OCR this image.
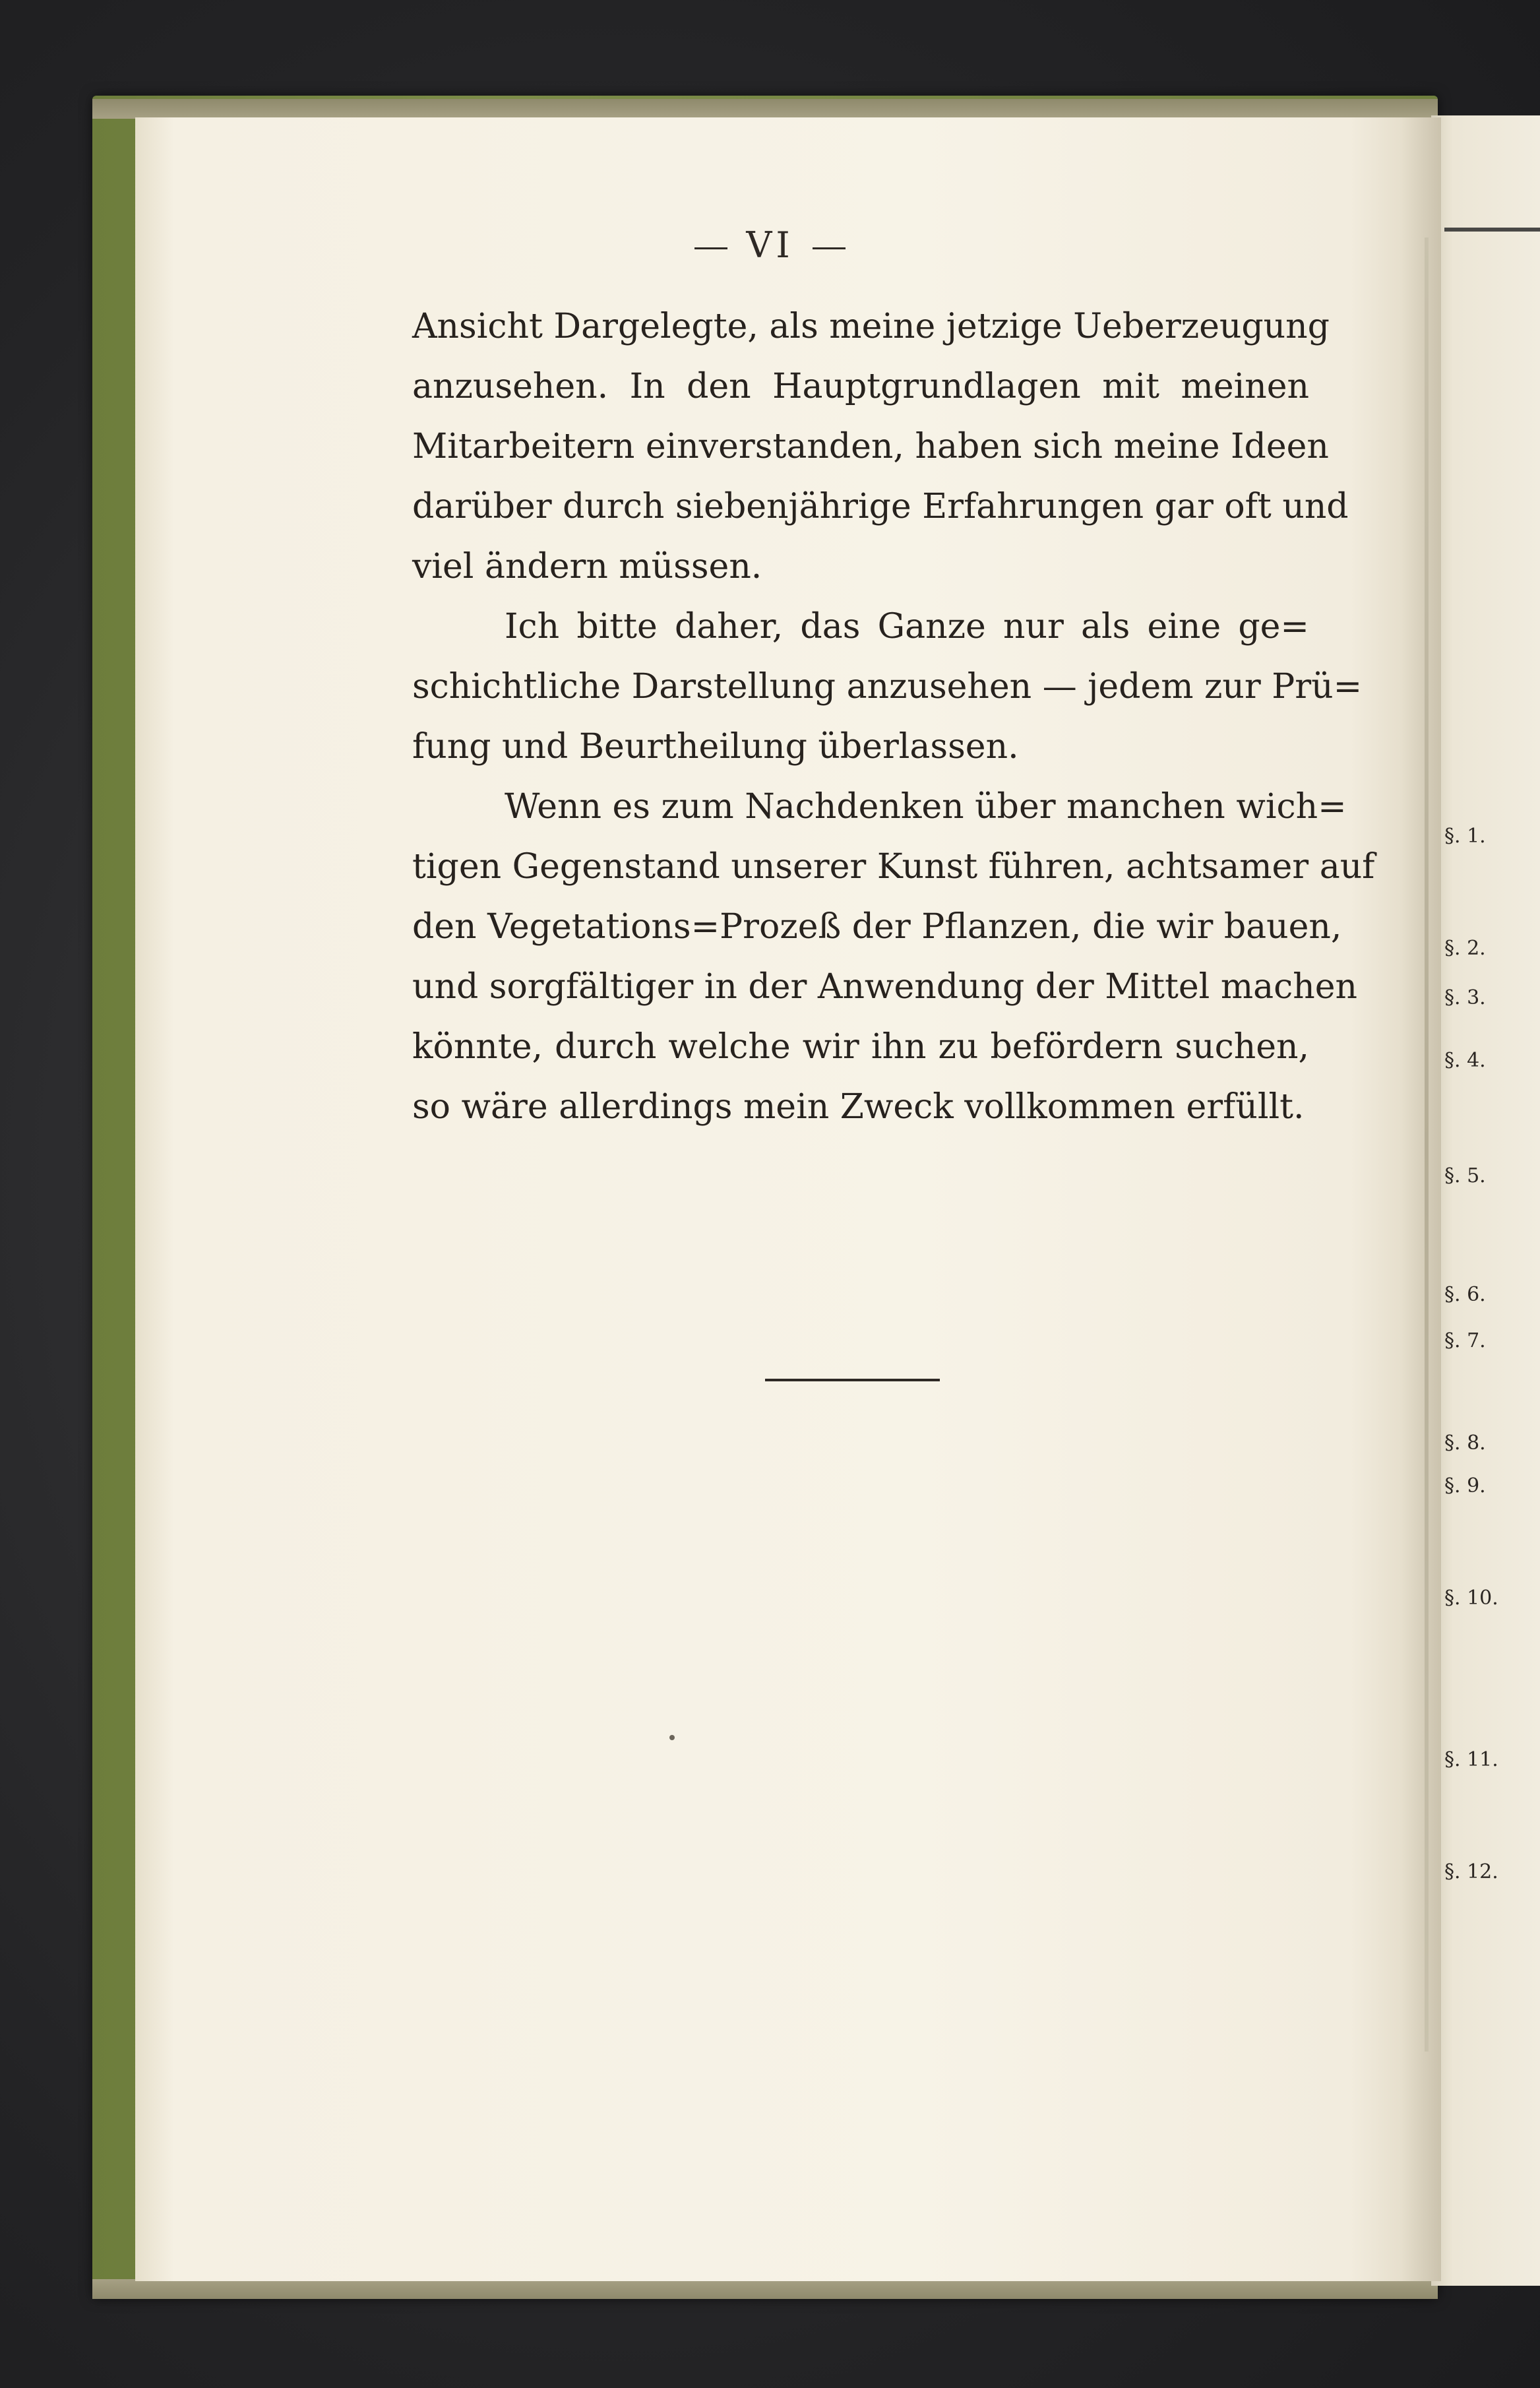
§. 1.
§. 2.
§. 3.
§. 4.
§. 5.
§. 6.
§. 7.
§. 8.
§. 9.
§. 10.
§. 11.
§. 12.
VI

Ansicht Dargelegte, als meine jetzige Ueberzeugung
anzusehen. In den Hauptgrundlagen mit meinen
Mitarbeitern einverstanden, haben sich meine Ideen
darüber durch siebenjährige Erfahrungen gar oft und
viel ändern müssen.

Ich bitte daher, das Ganze nur als eine ge=
schichtliche Darstellung anzusehen — jedem zur Prü=
fung und Beurtheilung überlassen.

Wenn es zum Nachdenken über manchen wich=
tigen Gegenstand unserer Kunst führen, achtsamer auf
den Vegetations=Prozeß der Pflanzen, die wir bauen,
und sorgfältiger in der Anwendung der Mittel machen
könnte, durch welche wir ihn zu befördern suchen,
so wäre allerdings mein Zweck vollkommen erfüllt.
